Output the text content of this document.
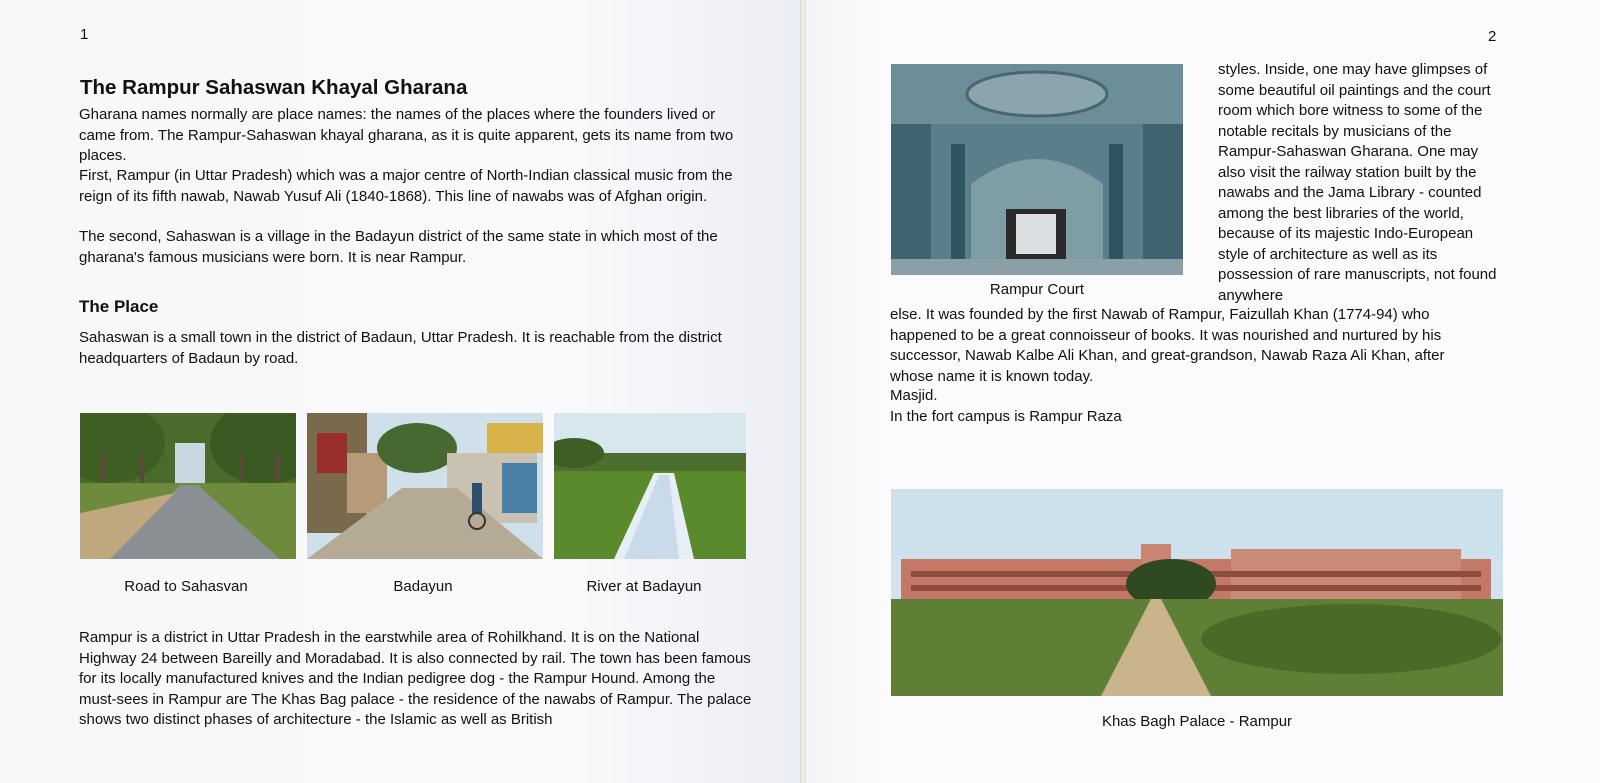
1
The Rampur Sahaswan Khayal Gharana

Gharana names normally are place names: the names of the places where the founders lived or came from. The Rampur-Sahaswan khayal gharana, as it is quite apparent, gets its name from two places.

First, Rampur (in Uttar Pradesh) which was a major centre of North-Indian classical music from the reign of its fifth nawab, Nawab Yusuf Ali (1840-1868). This line of nawabs was of Afghan origin.

The second, Sahaswan is a village in the Badayun district of the same state in which most of the gharana's famous musicians were born. It is near Rampur.

The Place

Sahaswan is a small town in the district of Badaun, Uttar Pradesh. It is reachable from the district headquarters of Badaun by road.

Road to Sahasvan	Badayun	River at Badayun

Rampur is a district in Uttar Pradesh in the earstwhile area of Rohilkhand. It is on the National Highway 24 between Bareilly and Moradabad. It is also connected by rail. The town has been famous for its locally manufactured knives and the Indian pedigree dog - the Rampur Hound. Among the must-sees in Rampur are The Khas Bag palace - the residence of the nawabs of Rampur. The palace shows two distinct phases of architecture - the Islamic as well as British

2
Rampur Court

styles. Inside, one may have glimpses of some beautiful oil paintings and the court room which bore witness to some of the notable recitals by musicians of the Rampur-Sahaswan Gharana. One may also visit the railway station built by the nawabs and the Jama Library - counted among the best libraries of the world, because of its majestic Indo-European style of architecture as well as its possession of rare manuscripts, not found anywhere

else. It was founded by the first Nawab of Rampur, Faizullah Khan (1774-94) who happened to be a great connoisseur of books. It was nourished and nurtured by his successor, Nawab Kalbe Ali Khan, and great-grandson, Nawab Raza Ali Khan, after whose name it is known today.

Masjid.

In the fort campus is Rampur Raza

Khas Bagh Palace - Rampur
